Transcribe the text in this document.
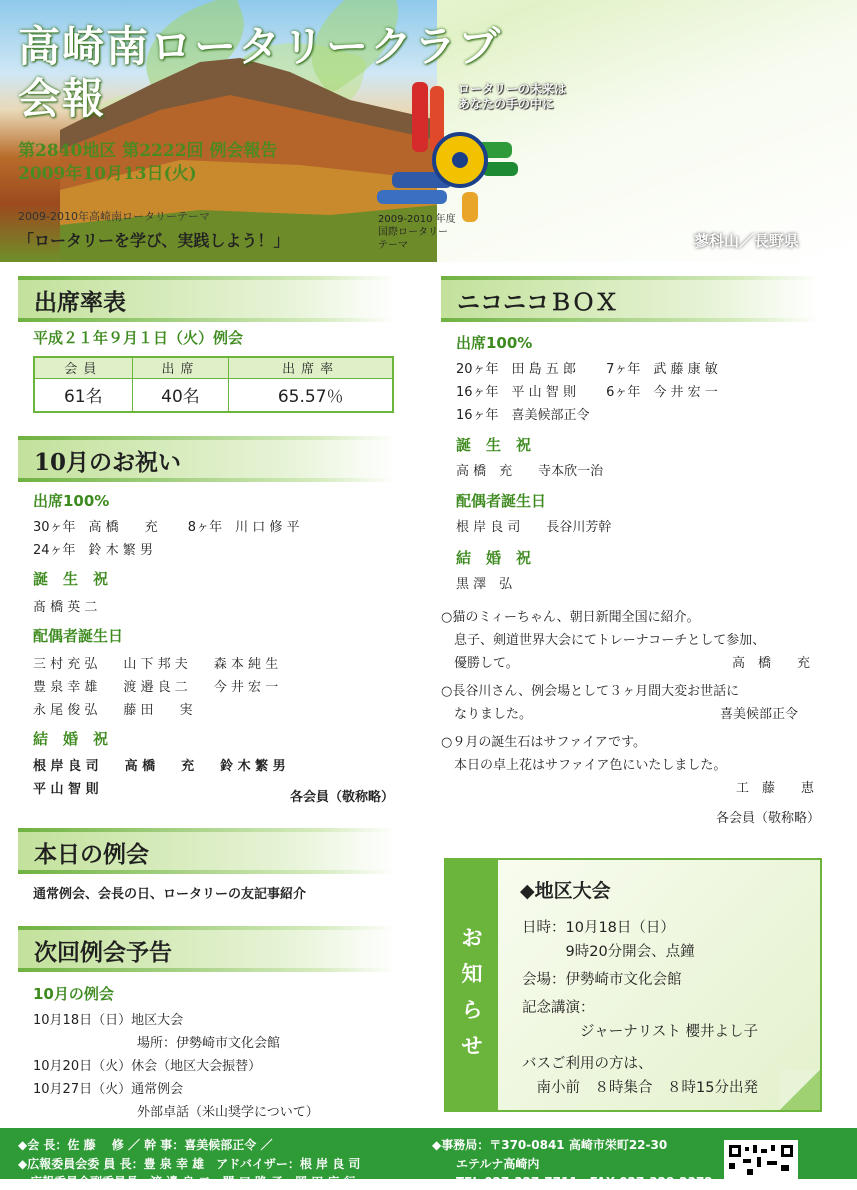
高崎南ロータリークラブ
会報
第2840地区 第2222回 例会報告
2009年10月13日(火)
2009-2010年高崎南ロータリーテーマ
「ロータリーを学び、実践しよう！」
ロータリーの未来は
あなたの手の中に
2009-2010 年度
国際ロータリー
テーマ	蓼科山／長野県
出席率表
平成２１年９月１日（火）例会
会員	出席	出席率
61名	40名	65.57％
10月のお祝い
出席100%
30ヶ年　高 橋　　充　　 8ヶ年　川 口 修 平
24ヶ年　鈴 木 繁 男
誕　生　祝
髙 橋 英 二
配偶者誕生日
三 村 充 弘　　山 下 邦 夫　　森 本 純 生
豊 泉 幸 雄　　渡 邉 良 二　　今 井 宏 一
永 尾 俊 弘　　藤 田　　実
結　婚　祝
根 岸 良 司　　高 橋　　充　　鈴 木 繁 男
平 山 智 則
各会員（敬称略）
本日の例会
通常例会、会長の日、ロータリーの友記事紹介
次回例会予告
10月の例会
10月18日（日）地区大会
　　　　　　　　場所：伊勢崎市文化会館
10月20日（火）休会（地区大会振替）
10月27日（火）通常例会
　　　　　　　　外部卓話（米山奨学について）
ニコニコＢＯＸ
出席100%
20ヶ年　田 島 五 郎　　 7ヶ年　武 藤 康 敏
16ヶ年　平 山 智 則　　 6ヶ年　今 井 宏 一
16ヶ年　喜美候部正令
誕　生　祝
高 橋　充　　寺本欣一治
配偶者誕生日
根 岸 良 司　　長谷川芳幹
結　婚　祝
黒 澤　弘
○猫のミィーちゃん、朝日新聞全国に紹介。
　息子、剣道世界大会にてトレーナコーチとして参加、
　優勝して。	高　橋　　充
○長谷川さん、例会場として３ヶ月間大変お世話に
　なりました。	喜美候部正令
○９月の誕生石はサファイアです。
　本日の卓上花はサファイア色にいたしました。
工　藤　　恵
各会員（敬称略）
お
知
ら
せ
◆地区大会
日時：10月18日（日）
　　　9時20分開会、点鐘
会場：伊勢崎市文化会館
記念講演：
　　　　ジャーナリスト 櫻井よし子
バスご利用の方は、
　南小前　８時集合　８時15分出発
◆会 長：佐 藤　 修 ／ 幹 事：喜美候部正令 ／
◆広報委員会委 員 長：豊 泉 幸 雄　アドバイザー：根 岸 良 司
広報委員会副委員長：渡 邉 良 二・関 口 路 子・岡 田 広 行
◆事務局：〒370-0841 高崎市栄町22-30
エテルナ高崎内
TEL 027-327-7711　FAX 027-328-2372
